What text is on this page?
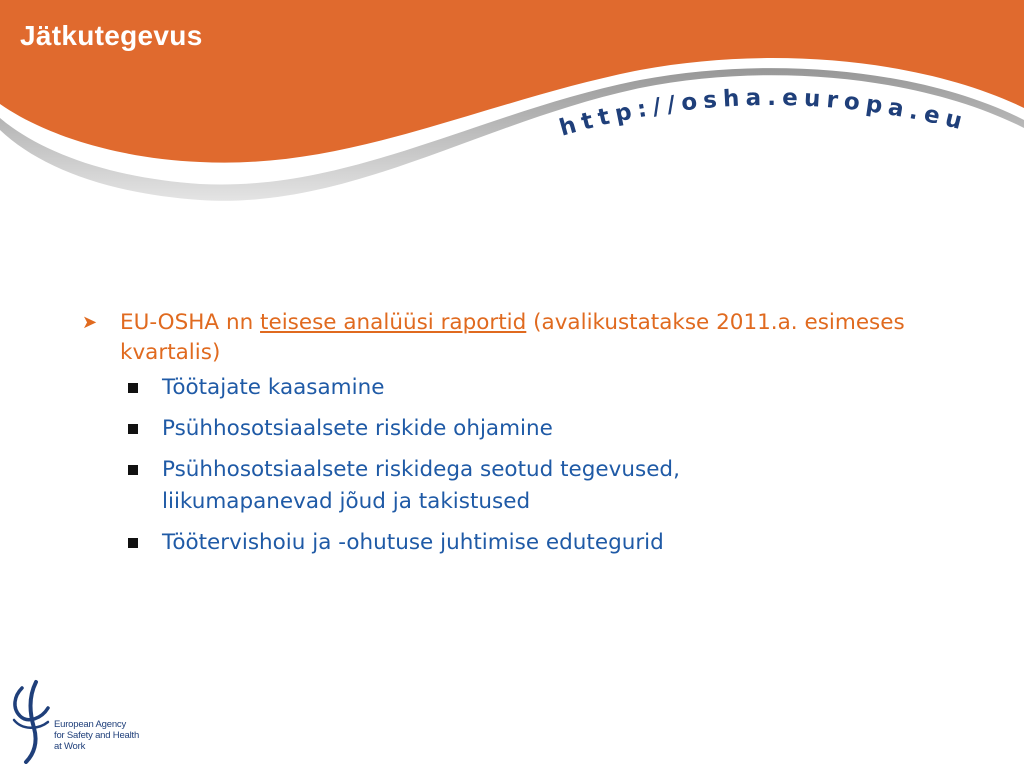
http://osha.europa.eu
Jätkutegevus
➤	EU-OSHA nn teisese analüüsi raportid (avalikustatakse 2011.a. esimeses kvartalis)
Töötajate kaasamine
Psühhosotsiaalsete riskide ohjamine
Psühhosotsiaalsete riskidega seotud tegevused, liikumapanevad jõud ja takistused
Töötervishoiu ja -ohutuse juhtimise edutegurid
European Agency
for Safety and Health
at Work
